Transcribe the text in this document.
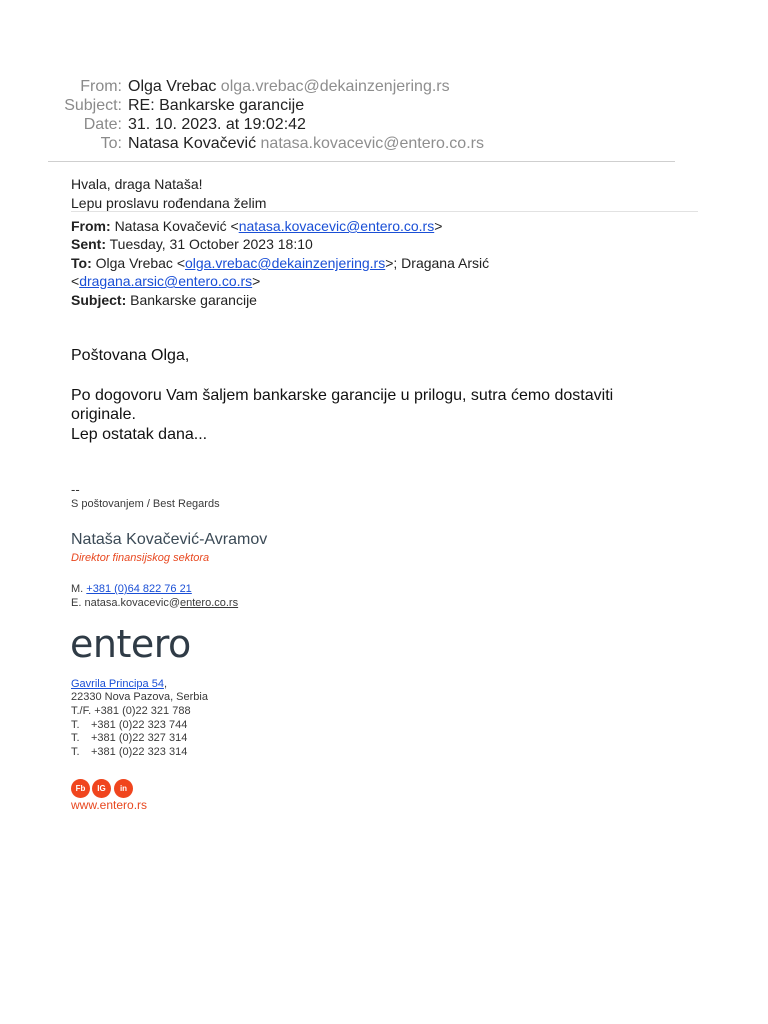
From: Olga Vrebac olga.vrebac@dekainzenjering.rs
Subject: RE: Bankarske garancije
Date: 31. 10. 2023. at 19:02:42
To: Natasa Kovačević natasa.kovacevic@entero.co.rs
Hvala, draga Nataša!
Lepu proslavu rođendana želim
From: Natasa Kovačević <natasa.kovacevic@entero.co.rs>
Sent: Tuesday, 31 October 2023 18:10
To: Olga Vrebac <olga.vrebac@dekainzenjering.rs>; Dragana Arsić
<dragana.arsic@entero.co.rs>
Subject: Bankarske garancije
Poštovana Olga,
Po dogovoru Vam šaljem bankarske garancije u prilogu, sutra ćemo dostaviti
originale.
Lep ostatak dana...
--
S poštovanjem / Best Regards
Nataša Kovačević-Avramov
Direktor finansijskog sektora
M. +381 (0)64 822 76 21
E. natasa.kovacevic@entero.co.rs
entero
Gavrila Principa 54,
22330 Nova Pazova, Serbia
T./F. +381 (0)22 321 788
T. +381 (0)22 323 744
T. +381 (0)22 327 314
T. +381 (0)22 323 314
Fb	IG	in
www.entero.rs
